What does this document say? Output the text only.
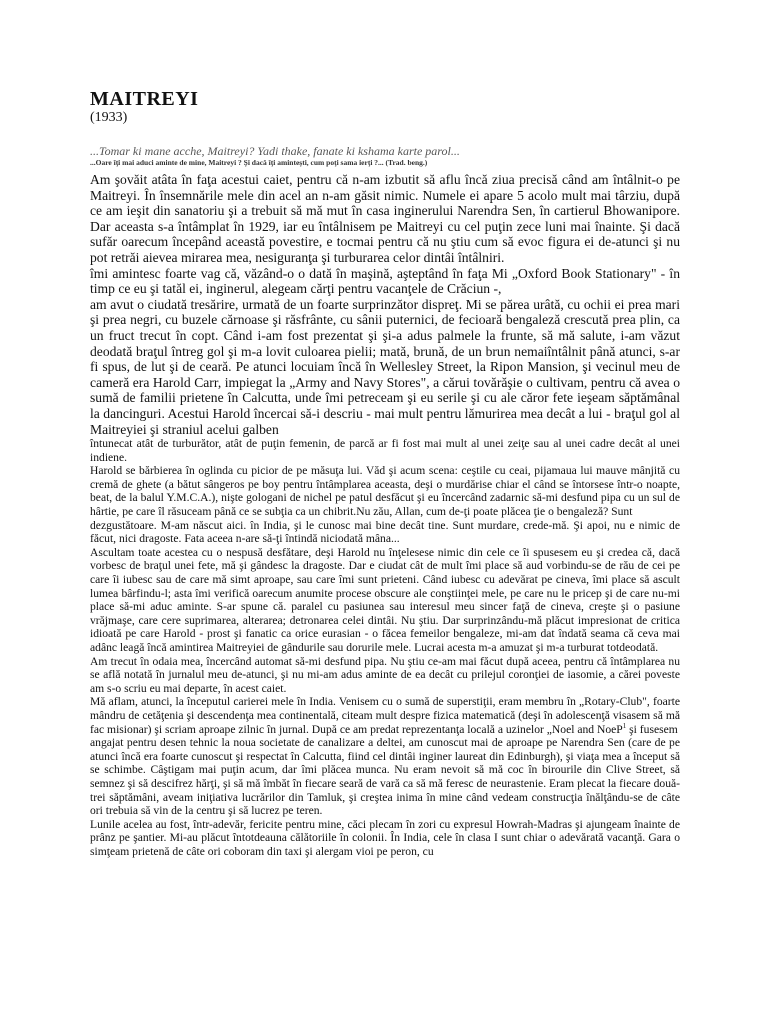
MAITREYI
(1933)

...Tomar ki mane acche, Maitreyi? Yadi thake, fanate ki kshama karte parol...

...Oare îţi mai aduci aminte de mine, Maitreyi ? Şi dacă îţi aminteşti, cum poţi sama ierţi ?... (Trad. beng.)

Am şovăit atâta în faţa acestui caiet, pentru că n-am izbutit să aflu încă ziua precisă când am întâlnit-o pe Maitreyi. În însemnările mele din acel an n-am găsit nimic. Numele ei apare 5 acolo mult mai târziu, după ce am ieşit din sanatoriu şi a trebuit să mă mut în casa inginerului Narendra Sen, în cartierul Bhowanipore. Dar aceasta s-a întâmplat în 1929, iar eu întâlnisem pe Maitreyi cu cel puţin zece luni mai înainte. Şi dacă sufăr oarecum începând această povestire, e tocmai pentru că nu ştiu cum să evoc figura ei de-atunci şi nu pot retrăi aievea mirarea mea, nesiguranţa şi turburarea celor dintâi întâlniri.

îmi amintesc foarte vag că, văzând-o o dată în maşină, aşteptând în faţa Mi „Oxford Book Stationary" - în timp ce eu şi tatăl ei, inginerul, alegeam cărţi pentru vacanţele de Crăciun -,

am avut o ciudată tresărire, urmată de un foarte surprinzător dispreţ. Mi se părea urâtă, cu ochii ei prea mari şi prea negri, cu buzele cărnoase şi răsfrânte, cu sânii puternici, de fecioară bengaleză crescută prea plin, ca un fruct trecut în copt. Când i-am fost prezentat şi şi-a adus palmele la frunte, să mă salute, i-am văzut deodată braţul întreg gol şi m-a lovit culoarea pielii; mată, brună, de un brun nemaiîntâlnit până atunci, s-ar fi spus, de lut şi de ceară. Pe atunci locuiam încă în Wellesley Street, la Ripon Mansion, şi vecinul meu de cameră era Harold Carr, impiegat la „Army and Navy Stores", a cărui tovărăşie o cultivam, pentru că avea o sumă de familii prietene în Calcutta, unde îmi petreceam şi eu serile şi cu ale căror fete ieşeam săptămânal la dancinguri. Acestui Harold încercai să-i descriu - mai mult pentru lămurirea mea decât a lui - braţul gol al Maitreyiei şi straniul acelui galben

întunecat atât de turburător, atât de puţin femenin, de parcă ar fi fost mai mult al unei zeiţe sau al unei cadre decât al unei indiene.

Harold se bărbierea în oglinda cu picior de pe măsuţa lui. Văd şi acum scena: ceştile cu ceai, pijamaua lui mauve mânjită cu cremă de ghete (a bătut sângeros pe boy pentru întâmplarea aceasta, deşi o murdărise chiar el când se întorsese într-o noapte, beat, de la balul Y.M.C.A.), nişte gologani de nichel pe patul desfăcut şi eu încercând zadarnic să-mi desfund pipa cu un sul de hârtie, pe care îl răsuceam până ce se subţia ca un chibrit.Nu zău, Allan, cum de-ţi poate plăcea ţie o bengaleză? Sunt

dezgustătoare. M-am născut aici. în India, şi le cunosc mai bine decât tine. Sunt murdare, crede-mă. Şi apoi, nu e nimic de făcut, nici dragoste. Fata aceea n-are să-ţi întindă niciodată mâna...

Ascultam toate acestea cu o nespusă desfătare, deşi Harold nu înţelesese nimic din cele ce îi spusesem eu şi credea că, dacă vorbesc de braţul unei fete, mă şi gândesc la dragoste. Dar e ciudat cât de mult îmi place să aud vorbindu-se de rău de cei pe care îi iubesc sau de care mă simt aproape, sau care îmi sunt prieteni. Când iubesc cu adevărat pe cineva, îmi place să ascult lumea bârfindu-l; asta îmi verifică oarecum anumite procese obscure ale conştiinţei mele, pe care nu le pricep şi de care nu-mi place să-mi aduc aminte. S-ar spune că. paralel cu pasiunea sau interesul meu sincer faţă de cineva, creşte şi o pasiune vrăjmaşe, care cere suprimarea, alterarea; detronarea celei dintâi. Nu ştiu. Dar surprinzându-mă plăcut impresionat de critica idioată pe care Harold - prost şi fanatic ca orice eurasian - o făcea femeilor bengaleze, mi-am dat îndată seama că ceva mai adânc leagă încă amintirea Maitreyiei de gândurile sau dorurile mele. Lucrai acesta m-a amuzat şi m-a turburat totdeodată.

Am trecut în odaia mea, încercând automat să-mi desfund pipa. Nu ştiu ce-am mai făcut după aceea, pentru că întâmplarea nu se află notată în jurnalul meu de-atunci, şi nu mi-am adus aminte de ea decât cu prilejul coronţiei de iasomie, a cărei poveste am s-o scriu eu mai departe, în acest caiet.

Mă aflam, atunci, la începutul carierei mele în India. Venisem cu o sumă de superstiţii, eram membru în „Rotary-Club", foarte mândru de cetăţenia şi descendenţa mea continentală, citeam mult despre fizica matematică (deşi în adolescenţă visasem să mă fac misionar) şi scriam aproape zilnic în jurnal. După ce am predat reprezentanţa locală a uzinelor „Noel and NoeP$^1$ şi fusesem

angajat pentru desen tehnic la noua societate de canalizare a deltei, am cunoscut mai de aproape pe Narendra Sen (care de pe atunci încă era foarte cunoscut şi respectat în Calcutta, fiind cel dintâi inginer laureat din Edinburgh), şi viaţa mea a început să se schimbe. Câştigam mai puţin acum, dar îmi plăcea munca. Nu eram nevoit să mă coc în birourile din Clive Street, să semnez şi să descifrez hărţi, şi să mă îmbăt în fiecare seară de vară ca să mă feresc de neurastenie. Eram plecat la fiecare două-trei săptămâni, aveam iniţiativa lucrărilor din Tamluk, şi creştea inima în mine când vedeam construcţia înălţându-se de câte ori trebuia să vin de la centru şi să lucrez pe teren.

Lunile acelea au fost, într-adevăr, fericite pentru mine, căci plecam în zori cu expresul Howrah-Madras şi ajungeam înainte de prânz pe şantier. Mi-au plăcut întotdeauna călătoriile în colonii. În India, cele în clasa I sunt chiar o adevărată vacanţă. Gara o simţeam prietenă de câte ori coboram din taxi şi alergam vioi pe peron, cu
